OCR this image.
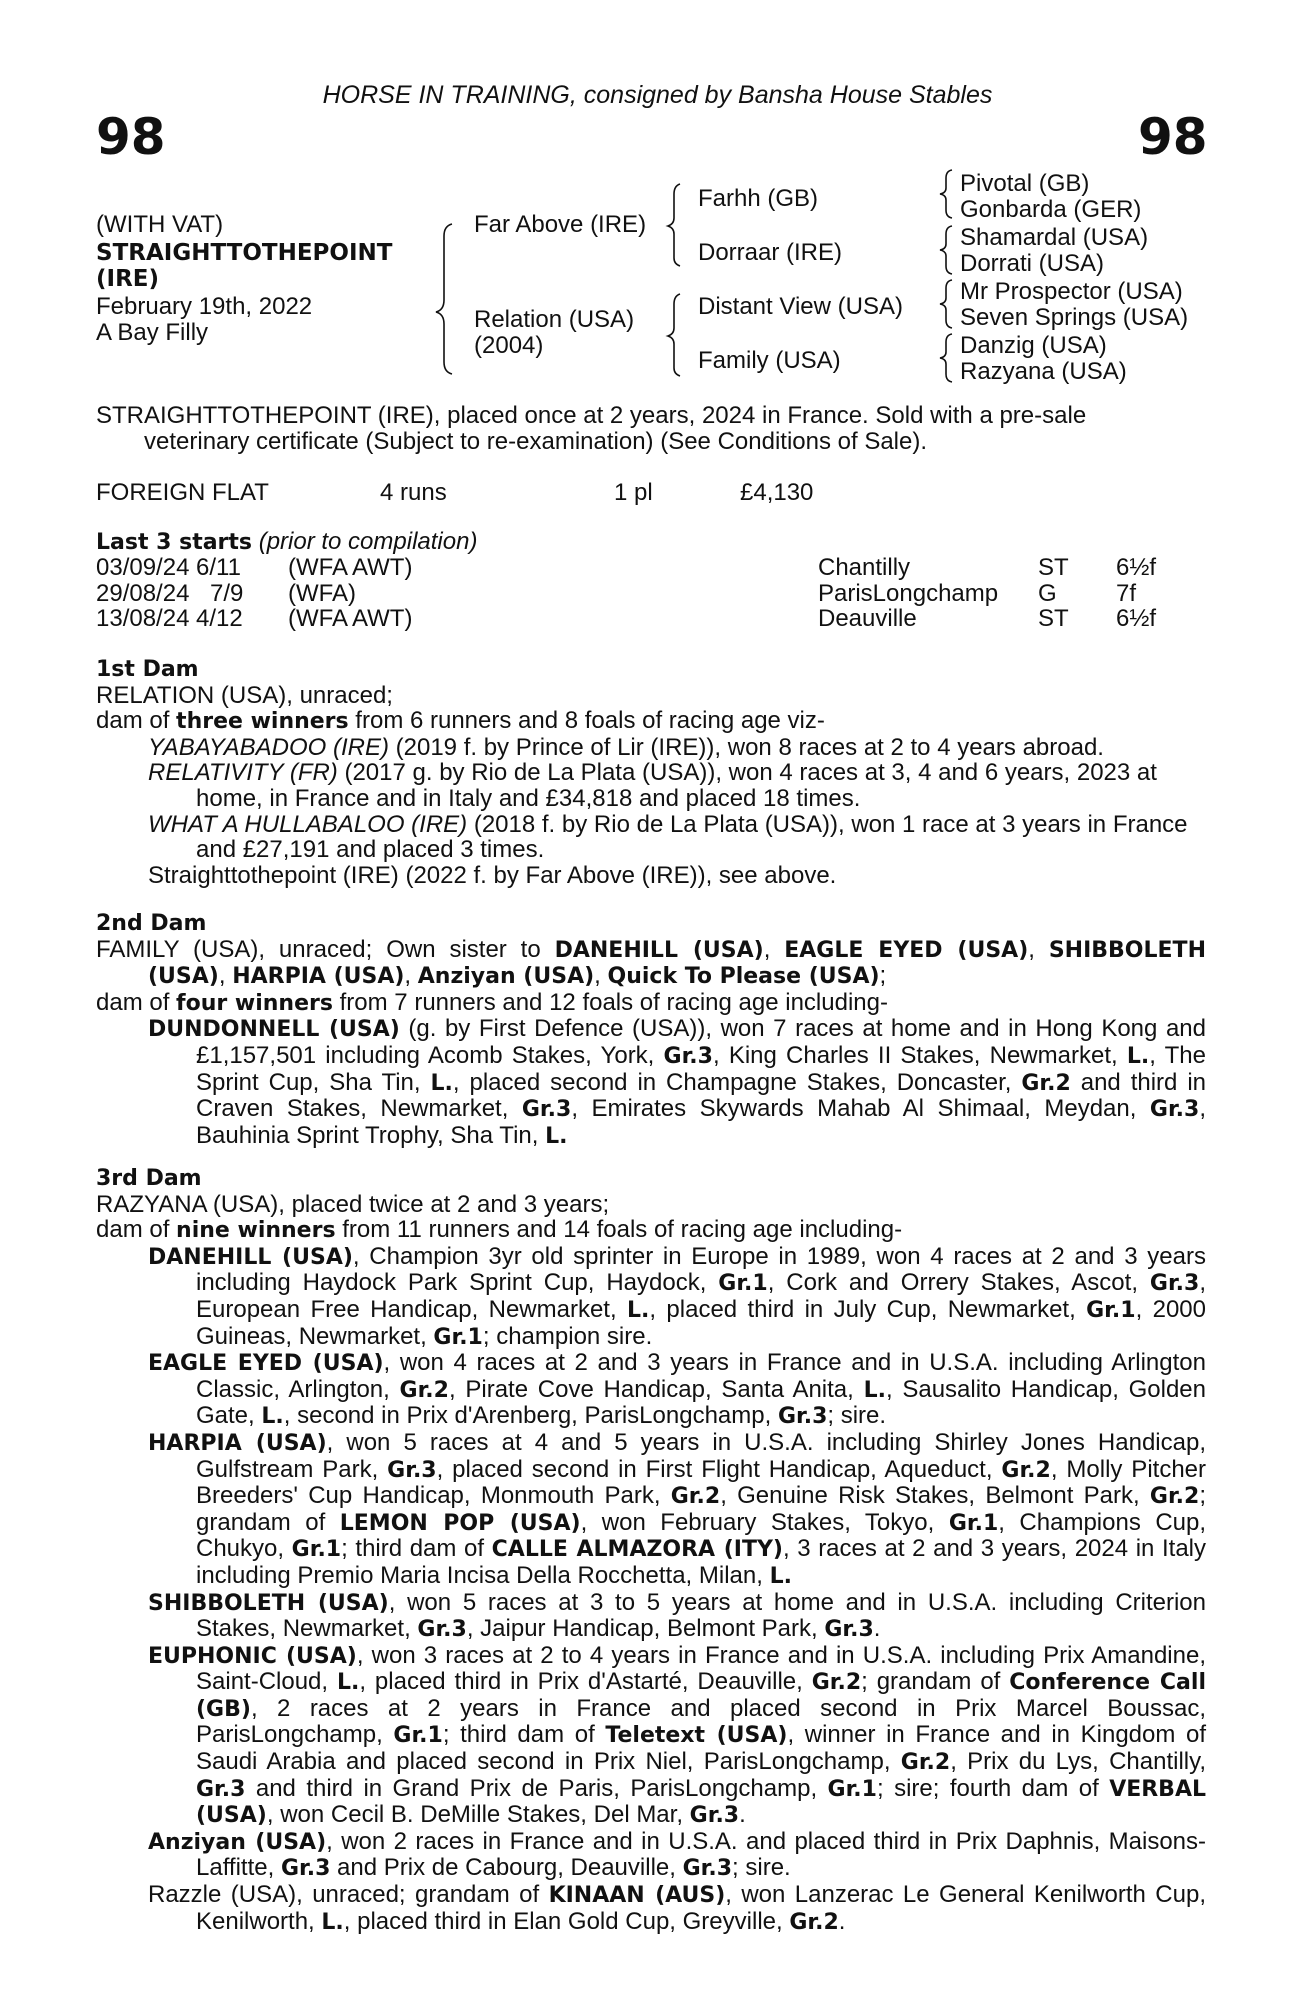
HORSE IN TRAINING, consigned by Bansha House Stables
98	98
(WITH VAT)
STRAIGHTTOTHEPOINT
(IRE)
February 19th, 2022
A Bay Filly
Far Above (IRE)
Relation (USA)
(2004)
Farhh (GB)
Dorraar (IRE)
Distant View (USA)
Family (USA)
Pivotal (GB)
Gonbarda (GER)
Shamardal (USA)
Dorrati (USA)
Mr Prospector (USA)
Seven Springs (USA)
Danzig (USA)
Razyana (USA)
STRAIGHTTOTHEPOINT (IRE), placed once at 2 years, 2024 in France. Sold with a pre-sale
veterinary certificate (Subject to re-examination) (See Conditions of Sale).
FOREIGN FLAT	4 runs	1 pl	£4,130
Last 3 starts (prior to compilation)
03/09/24 6/11 (WFA AWT)	Chantilly	ST 6½f
29/08/24 7/9 (WFA)	ParisLongchamp G 7f
13/08/24 4/12 (WFA AWT)	Deauville	ST 6½f

1st Dam

RELATION (USA), unraced;

dam of three winners from 6 runners and 8 foals of racing age viz-

YABAYABADOO (IRE) (2019 f. by Prince of Lir (IRE)), won 8 races at 2 to 4 years abroad.

RELATIVITY (FR) (2017 g. by Rio de La Plata (USA)), won 4 races at 3, 4 and 6 years, 2023 at home, in France and in Italy and £34,818 and placed 18 times.

WHAT A HULLABALOO (IRE) (2018 f. by Rio de La Plata (USA)), won 1 race at 3 years in France and £27,191 and placed 3 times.

Straighttothepoint (IRE) (2022 f. by Far Above (IRE)), see above.

2nd Dam

FAMILY (USA), unraced; Own sister to DANEHILL (USA), EAGLE EYED (USA), SHIBBOLETH (USA), HARPIA (USA), Anziyan (USA), Quick To Please (USA);

dam of four winners from 7 runners and 12 foals of racing age including-

DUNDONNELL (USA) (g. by First Defence (USA)), won 7 races at home and in Hong Kong and £1,157,501 including Acomb Stakes, York, Gr.3, King Charles II Stakes, Newmarket, L., The Sprint Cup, Sha Tin, L., placed second in Champagne Stakes, Doncaster, Gr.2 and third in Craven Stakes, Newmarket, Gr.3, Emirates Skywards Mahab Al Shimaal, Meydan, Gr.3, Bauhinia Sprint Trophy, Sha Tin, L.

3rd Dam

RAZYANA (USA), placed twice at 2 and 3 years;

dam of nine winners from 11 runners and 14 foals of racing age including-

DANEHILL (USA), Champion 3yr old sprinter in Europe in 1989, won 4 races at 2 and 3 years including Haydock Park Sprint Cup, Haydock, Gr.1, Cork and Orrery Stakes, Ascot, Gr.3, European Free Handicap, Newmarket, L., placed third in July Cup, Newmarket, Gr.1, 2000 Guineas, Newmarket, Gr.1; champion sire.

EAGLE EYED (USA), won 4 races at 2 and 3 years in France and in U.S.A. including Arlington Classic, Arlington, Gr.2, Pirate Cove Handicap, Santa Anita, L., Sausalito Handicap, Golden Gate, L., second in Prix d'Arenberg, ParisLongchamp, Gr.3; sire.

HARPIA (USA), won 5 races at 4 and 5 years in U.S.A. including Shirley Jones Handicap, Gulfstream Park, Gr.3, placed second in First Flight Handicap, Aqueduct, Gr.2, Molly Pitcher Breeders' Cup Handicap, Monmouth Park, Gr.2, Genuine Risk Stakes, Belmont Park, Gr.2; grandam of LEMON POP (USA), won February Stakes, Tokyo, Gr.1, Champions Cup, Chukyo, Gr.1; third dam of CALLE ALMAZORA (ITY), 3 races at 2 and 3 years, 2024 in Italy including Premio Maria Incisa Della Rocchetta, Milan, L.

SHIBBOLETH (USA), won 5 races at 3 to 5 years at home and in U.S.A. including Criterion Stakes, Newmarket, Gr.3, Jaipur Handicap, Belmont Park, Gr.3.

EUPHONIC (USA), won 3 races at 2 to 4 years in France and in U.S.A. including Prix Amandine, Saint-Cloud, L., placed third in Prix d'Astarté, Deauville, Gr.2; grandam of Conference Call (GB), 2 races at 2 years in France and placed second in Prix Marcel Boussac, ParisLongchamp, Gr.1; third dam of Teletext (USA), winner in France and in Kingdom of Saudi Arabia and placed second in Prix Niel, ParisLongchamp, Gr.2, Prix du Lys, Chantilly, Gr.3 and third in Grand Prix de Paris, ParisLongchamp, Gr.1; sire; fourth dam of VERBAL (USA), won Cecil B. DeMille Stakes, Del Mar, Gr.3.

Anziyan (USA), won 2 races in France and in U.S.A. and placed third in Prix Daphnis, Maisons-Laffitte, Gr.3 and Prix de Cabourg, Deauville, Gr.3; sire.

Razzle (USA), unraced; grandam of KINAAN (AUS), won Lanzerac Le General Kenilworth Cup, Kenilworth, L., placed third in Elan Gold Cup, Greyville, Gr.2.
